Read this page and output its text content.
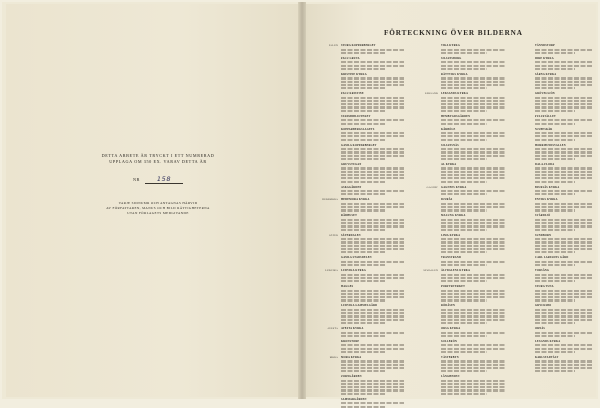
DETTA ARBETE ÄR TRYCKT I ETT NUMRERAD

UPPLAGA OM 350 EX. VARAV DETTA ÄR

NR	158

VARJE SIDNUMR OCH ANTAGNAS HÄRVID

AV FÖRFATTAREN, MANUS OCH BILD RÄTTIGHETERNA

UTAN FÖRLAGETS MEDGIVANDE

FÖRTECKNING ÖVER BILDERNA
FALUN	STORA KOPPARBERGET
FALU GRUVA
KRISTINE KYRKA
FALU KRISTINE
STADSBIBLIOTEKET
KOPPARBERGSLAGETS
GAMLA KOPPARBERGET
GRUVSTUGAN
ASKAGÅRDEN
HEDEMORA	HEDEMORA KYRKA
RÅDHUSET
SÄTER	SÄTERDALEN
GAMLA STADSDELEN
LUDVIKA	LUDVIKA KYRKA
HAGGES
LUDVIKA GAMMELGÅRD
AVESTA	AVESTA KYRKA
KRONSTORP
MORA	MORA KYRKA
ZORNGÅRDEN
SAMMARGÅRDEN
VIKA KYRKA
SILJANSBORG
RÄTTVIKS KYRKA
LEKSAND	LEKSANDS KYRKA
HEMBYGDSGÅRDEN
KÅRBÖLE
SILJANSNÄS
AL KYRKA
GAGNEF	GAGNEFS KYRKA
DJURÅS
MALUNG KYRKA
LIMA KYRKA
TRANSTRAND
ÄLVDALEN	ÄLVDALENS KYRKA
PORFYRVERKET
RÖDÅSEN
ORSA KYRKA
SOLLERÖN
VÄSTERBYN
LÅNGHEDEN
TÄNNDSTORP
IDRE KYRKA
SÄRNA KYRKA
GRÖVELSJÖN
FULUFJÄLLET
NJUPESKÄR
HORRMUNDSVALLEN
DALA-FLODA
BJURSÅS KYRKA
ENVIKS KYRKA
SVÄRDSJÖ
SUNDBORN
CARL LARSSONS GÅRD
TORSÅNG
STORA TUNA
GRYCKSBO
ORNÄS
LEXANDS KYRKA
KARLSTADTÄLT
